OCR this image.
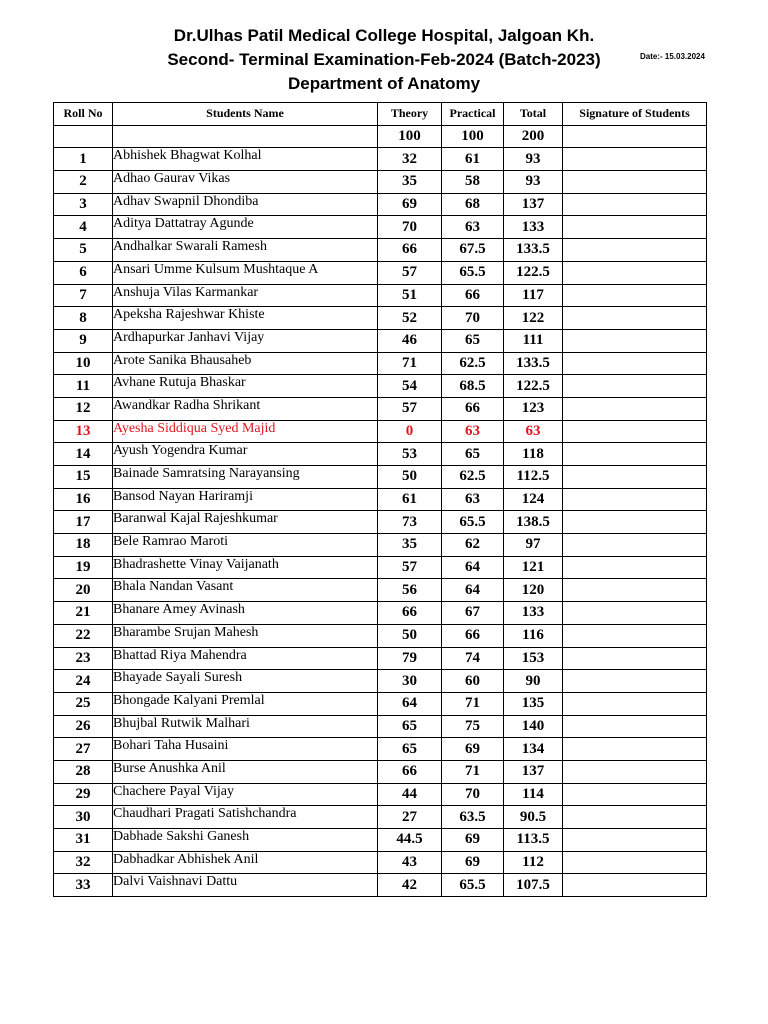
Dr.Ulhas Patil Medical College Hospital, Jalgoan Kh.
Second- Terminal Examination-Feb-2024 (Batch-2023)
Department of Anatomy
Date:- 15.03.2024
Roll No	Students Name	Theory	Practical	Total	Signature of Students
		100	100	200	
1	Abhishek Bhagwat Kolhal	32	61	93	
2	Adhao Gaurav Vikas	35	58	93	
3	Adhav Swapnil Dhondiba	69	68	137	
4	Aditya Dattatray Agunde	70	63	133	
5	Andhalkar Swarali Ramesh	66	67.5	133.5	
6	Ansari Umme Kulsum Mushtaque A	57	65.5	122.5	
7	Anshuja Vilas Karmankar	51	66	117	
8	Apeksha Rajeshwar Khiste	52	70	122	
9	Ardhapurkar Janhavi Vijay	46	65	111	
10	Arote Sanika Bhausaheb	71	62.5	133.5	
11	Avhane Rutuja Bhaskar	54	68.5	122.5	
12	Awandkar Radha Shrikant	57	66	123	
13	Ayesha Siddiqua Syed Majid	0	63	63	
14	Ayush Yogendra Kumar	53	65	118	
15	Bainade Samratsing Narayansing	50	62.5	112.5	
16	Bansod Nayan Hariramji	61	63	124	
17	Baranwal Kajal Rajeshkumar	73	65.5	138.5	
18	Bele Ramrao Maroti	35	62	97	
19	Bhadrashette Vinay Vaijanath	57	64	121	
20	Bhala Nandan Vasant	56	64	120	
21	Bhanare Amey Avinash	66	67	133	
22	Bharambe Srujan Mahesh	50	66	116	
23	Bhattad Riya Mahendra	79	74	153	
24	Bhayade Sayali Suresh	30	60	90	
25	Bhongade Kalyani Premlal	64	71	135	
26	Bhujbal Rutwik Malhari	65	75	140	
27	Bohari Taha Husaini	65	69	134	
28	Burse Anushka Anil	66	71	137	
29	Chachere Payal Vijay	44	70	114	
30	Chaudhari Pragati Satishchandra	27	63.5	90.5	
31	Dabhade Sakshi Ganesh	44.5	69	113.5	
32	Dabhadkar Abhishek Anil	43	69	112	
33	Dalvi Vaishnavi Dattu	42	65.5	107.5	
